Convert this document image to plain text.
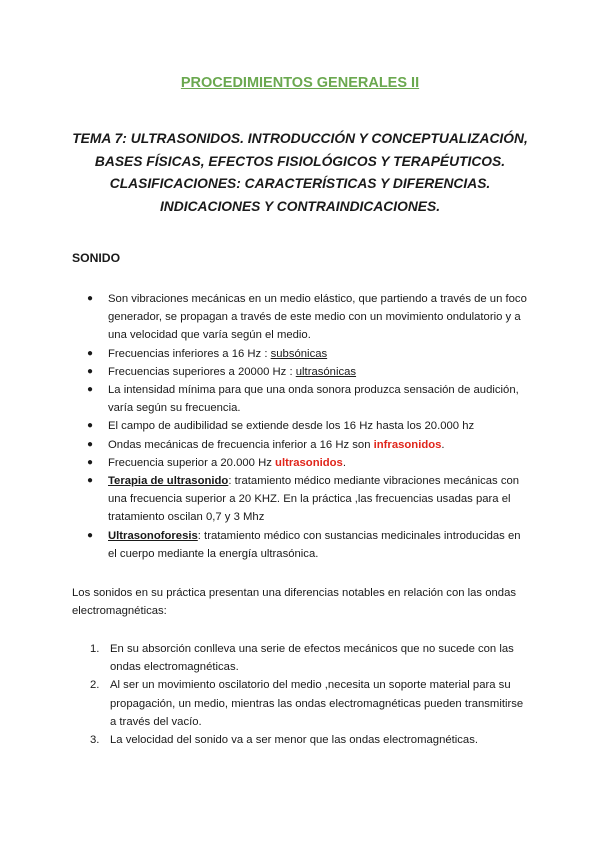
PROCEDIMIENTOS GENERALES II
TEMA 7: ULTRASONIDOS. INTRODUCCIÓN Y CONCEPTUALIZACIÓN, BASES FÍSICAS, EFECTOS FISIOLÓGICOS Y TERAPÉUTICOS. CLASIFICACIONES: CARACTERÍSTICAS Y DIFERENCIAS. INDICACIONES Y CONTRAINDICACIONES.
SONIDO
● Son vibraciones mecánicas en un medio elástico, que partiendo a través de un foco generador, se propagan a través de este medio con un movimiento ondulatorio y a una velocidad que varía según el medio.
● Frecuencias inferiores a 16 Hz : subsónicas
● Frecuencias superiores a 20000 Hz : ultrasónicas
● La intensidad mínima para que una onda sonora produzca sensación de audición, varía según su frecuencia.
● El campo de audibilidad se extiende desde los 16 Hz hasta los 20.000 hz
● Ondas mecánicas de frecuencia inferior a 16 Hz son infrasonidos.
● Frecuencia superior a 20.000 Hz ultrasonidos.
● Terapia de ultrasonido: tratamiento médico mediante vibraciones mecánicas con una frecuencia superior a 20 KHZ. En la práctica ,las frecuencias usadas para el tratamiento oscilan 0,7 y 3 Mhz
● Ultrasonoforesis: tratamiento médico con sustancias medicinales introducidas en el cuerpo mediante la energía ultrasónica.
Los sonidos en su práctica presentan una diferencias notables en relación con las ondas electromagnéticas:
1. En su absorción conlleva una serie de efectos mecánicos que no sucede con las ondas electromagnéticas.
2. Al ser un movimiento oscilatorio del medio ,necesita un soporte material para su propagación, un medio, mientras las ondas electromagnéticas pueden transmitirse a través del vacío.
3. La velocidad del sonido va a ser menor que las ondas electromagnéticas.
